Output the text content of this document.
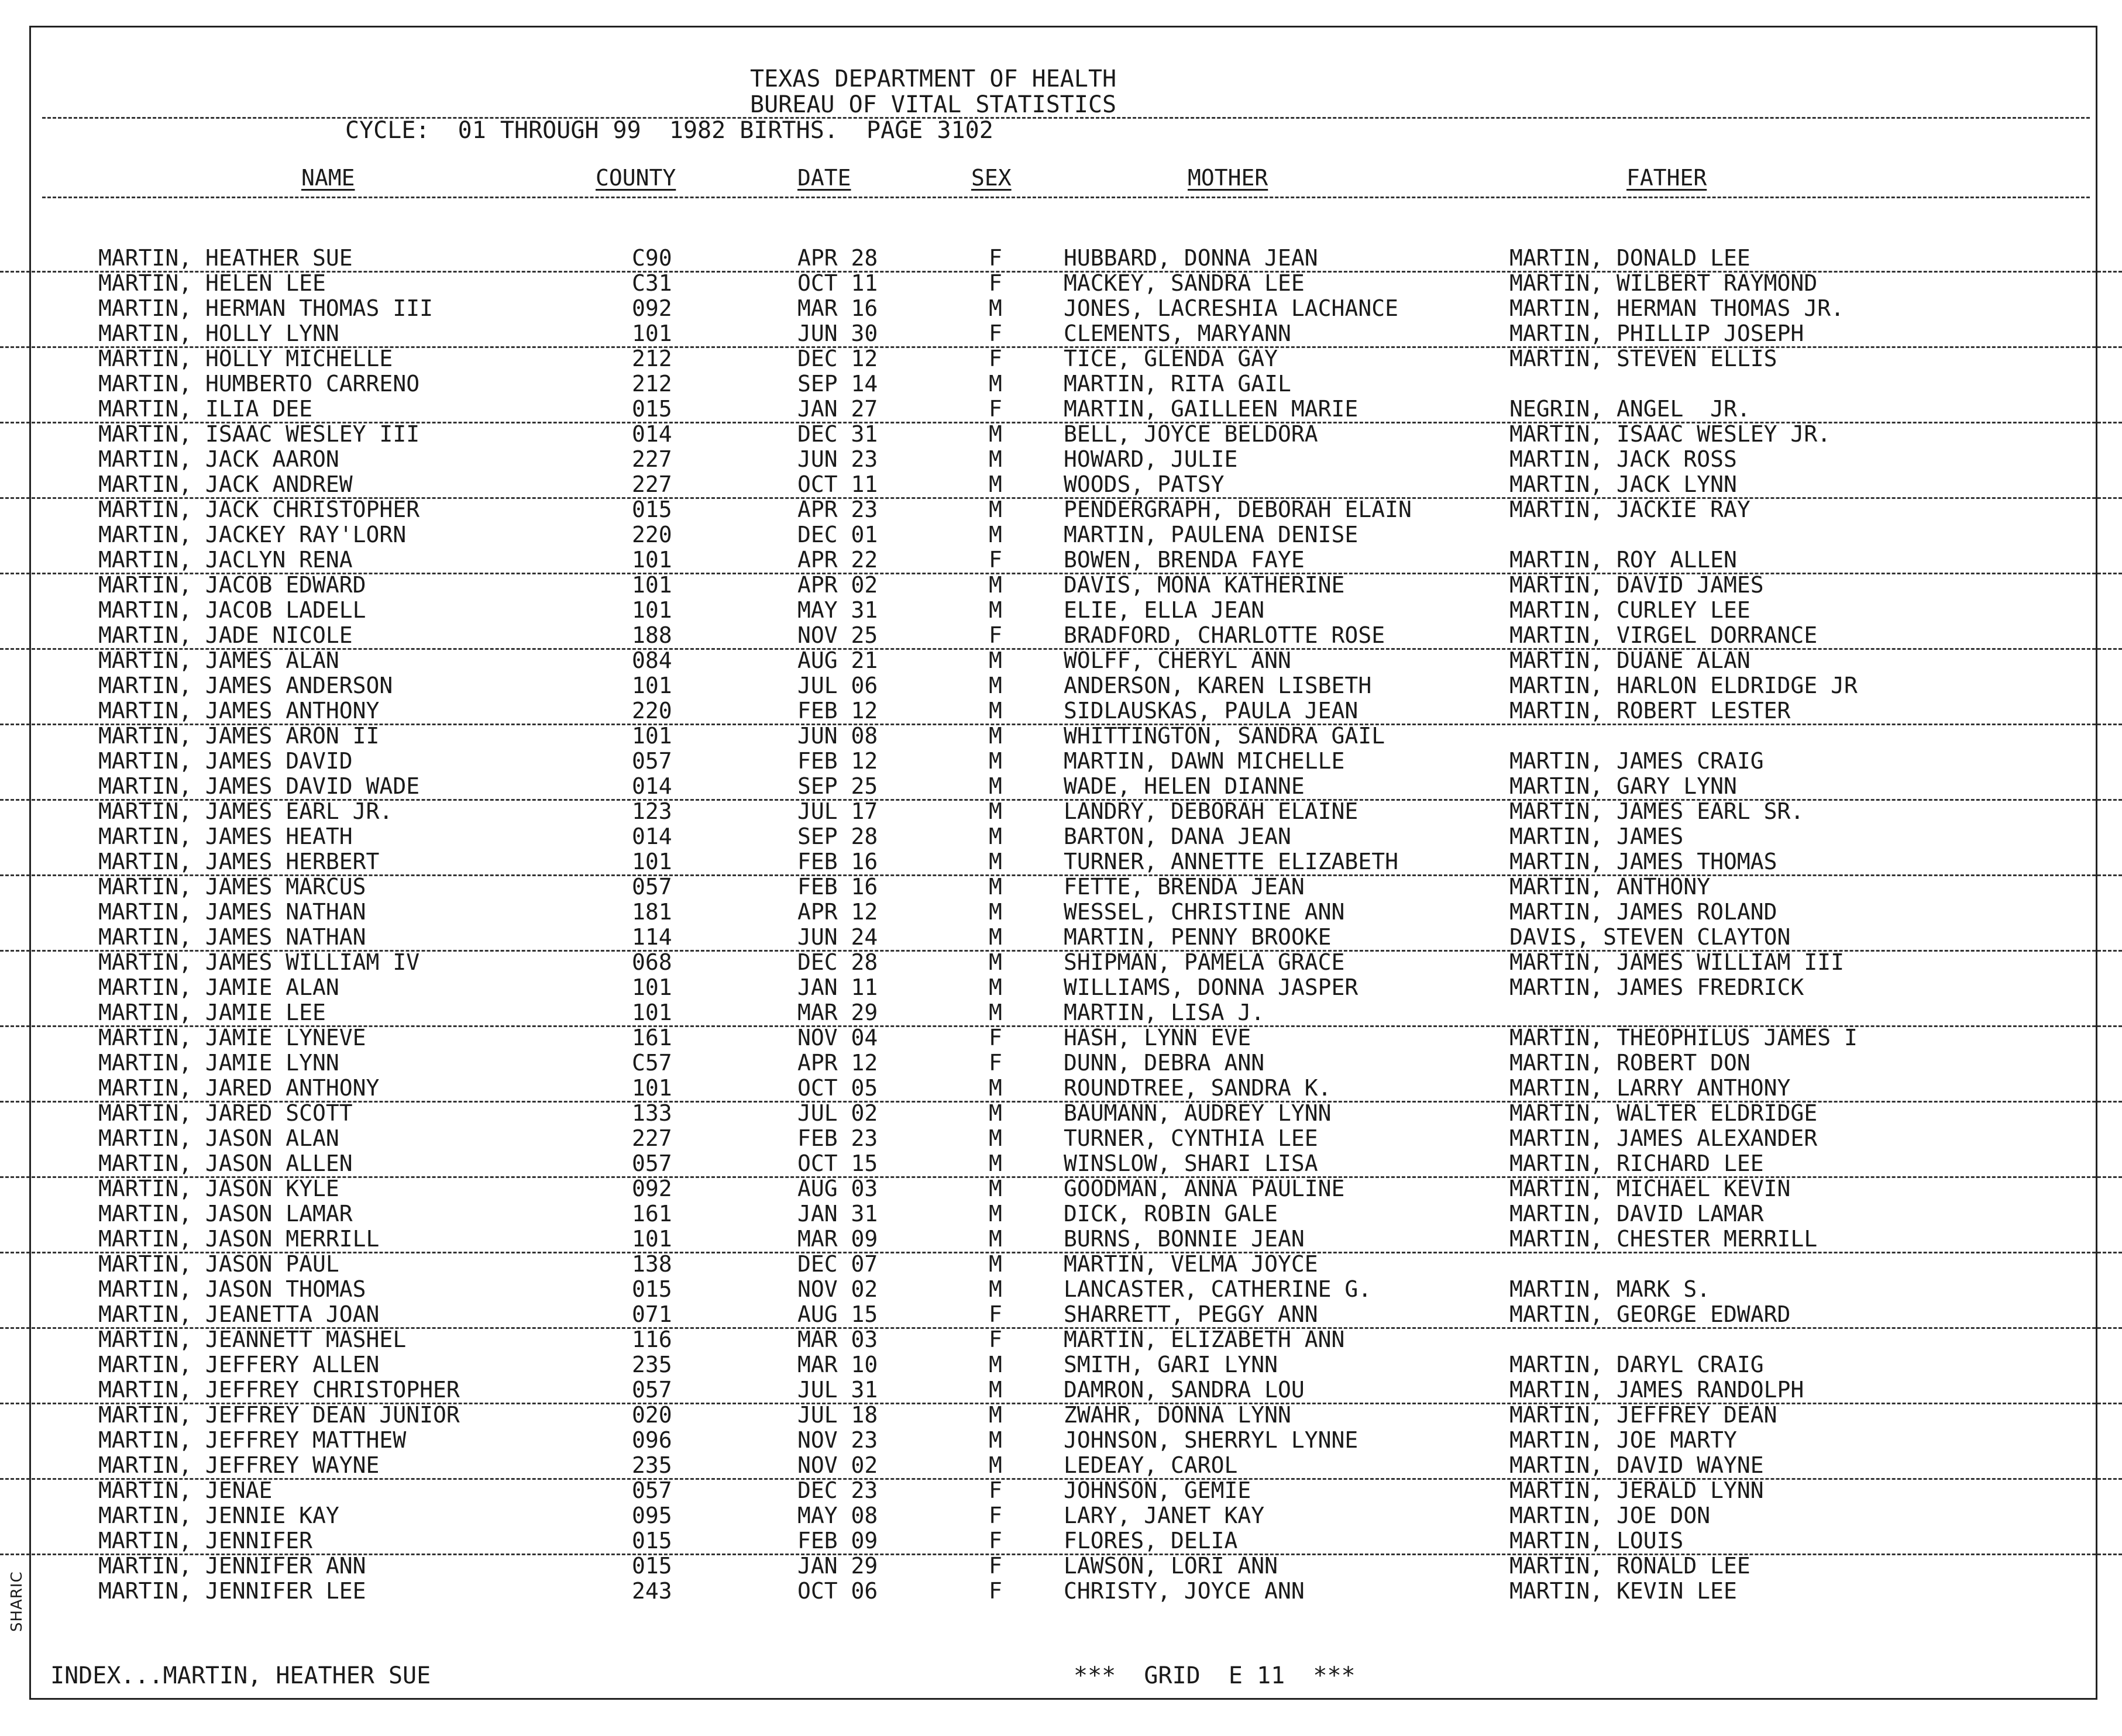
SHARIC
TEXAS DEPARTMENT OF HEALTH
BUREAU OF VITAL STATISTICS
CYCLE:  01 THROUGH 99  1982 BIRTHS.  PAGE 3102
NAME	COUNTY	DATE	SEX	MOTHER	FATHER
MARTIN, HEATHER SUE	C90	APR 28	F	HUBBARD, DONNA JEAN	MARTIN, DONALD LEE
MARTIN, HELEN LEE	C31	OCT 11	F	MACKEY, SANDRA LEE	MARTIN, WILBERT RAYMOND
MARTIN, HERMAN THOMAS III	092	MAR 16	M	JONES, LACRESHIA LACHANCE	MARTIN, HERMAN THOMAS JR.
MARTIN, HOLLY LYNN	101	JUN 30	F	CLEMENTS, MARYANN	MARTIN, PHILLIP JOSEPH
MARTIN, HOLLY MICHELLE	212	DEC 12	F	TICE, GLENDA GAY	MARTIN, STEVEN ELLIS
MARTIN, HUMBERTO CARRENO	212	SEP 14	M	MARTIN, RITA GAIL
MARTIN, ILIA DEE	015	JAN 27	F	MARTIN, GAILLEEN MARIE	NEGRIN, ANGEL  JR.
MARTIN, ISAAC WESLEY III	014	DEC 31	M	BELL, JOYCE BELDORA	MARTIN, ISAAC WESLEY JR.
MARTIN, JACK AARON	227	JUN 23	M	HOWARD, JULIE	MARTIN, JACK ROSS
MARTIN, JACK ANDREW	227	OCT 11	M	WOODS, PATSY	MARTIN, JACK LYNN
MARTIN, JACK CHRISTOPHER	015	APR 23	M	PENDERGRAPH, DEBORAH ELAIN	MARTIN, JACKIE RAY
MARTIN, JACKEY RAY'LORN	220	DEC 01	M	MARTIN, PAULENA DENISE
MARTIN, JACLYN RENA	101	APR 22	F	BOWEN, BRENDA FAYE	MARTIN, ROY ALLEN
MARTIN, JACOB EDWARD	101	APR 02	M	DAVIS, MONA KATHERINE	MARTIN, DAVID JAMES
MARTIN, JACOB LADELL	101	MAY 31	M	ELIE, ELLA JEAN	MARTIN, CURLEY LEE
MARTIN, JADE NICOLE	188	NOV 25	F	BRADFORD, CHARLOTTE ROSE	MARTIN, VIRGEL DORRANCE
MARTIN, JAMES ALAN	084	AUG 21	M	WOLFF, CHERYL ANN	MARTIN, DUANE ALAN
MARTIN, JAMES ANDERSON	101	JUL 06	M	ANDERSON, KAREN LISBETH	MARTIN, HARLON ELDRIDGE JR
MARTIN, JAMES ANTHONY	220	FEB 12	M	SIDLAUSKAS, PAULA JEAN	MARTIN, ROBERT LESTER
MARTIN, JAMES ARON II	101	JUN 08	M	WHITTINGTON, SANDRA GAIL
MARTIN, JAMES DAVID	057	FEB 12	M	MARTIN, DAWN MICHELLE	MARTIN, JAMES CRAIG
MARTIN, JAMES DAVID WADE	014	SEP 25	M	WADE, HELEN DIANNE	MARTIN, GARY LYNN
MARTIN, JAMES EARL JR.	123	JUL 17	M	LANDRY, DEBORAH ELAINE	MARTIN, JAMES EARL SR.
MARTIN, JAMES HEATH	014	SEP 28	M	BARTON, DANA JEAN	MARTIN, JAMES
MARTIN, JAMES HERBERT	101	FEB 16	M	TURNER, ANNETTE ELIZABETH	MARTIN, JAMES THOMAS
MARTIN, JAMES MARCUS	057	FEB 16	M	FETTE, BRENDA JEAN	MARTIN, ANTHONY
MARTIN, JAMES NATHAN	181	APR 12	M	WESSEL, CHRISTINE ANN	MARTIN, JAMES ROLAND
MARTIN, JAMES NATHAN	114	JUN 24	M	MARTIN, PENNY BROOKE	DAVIS, STEVEN CLAYTON
MARTIN, JAMES WILLIAM IV	068	DEC 28	M	SHIPMAN, PAMELA GRACE	MARTIN, JAMES WILLIAM III
MARTIN, JAMIE ALAN	101	JAN 11	M	WILLIAMS, DONNA JASPER	MARTIN, JAMES FREDRICK
MARTIN, JAMIE LEE	101	MAR 29	M	MARTIN, LISA J.
MARTIN, JAMIE LYNEVE	161	NOV 04	F	HASH, LYNN EVE	MARTIN, THEOPHILUS JAMES I
MARTIN, JAMIE LYNN	C57	APR 12	F	DUNN, DEBRA ANN	MARTIN, ROBERT DON
MARTIN, JARED ANTHONY	101	OCT 05	M	ROUNDTREE, SANDRA K.	MARTIN, LARRY ANTHONY
MARTIN, JARED SCOTT	133	JUL 02	M	BAUMANN, AUDREY LYNN	MARTIN, WALTER ELDRIDGE
MARTIN, JASON ALAN	227	FEB 23	M	TURNER, CYNTHIA LEE	MARTIN, JAMES ALEXANDER
MARTIN, JASON ALLEN	057	OCT 15	M	WINSLOW, SHARI LISA	MARTIN, RICHARD LEE
MARTIN, JASON KYLE	092	AUG 03	M	GOODMAN, ANNA PAULINE	MARTIN, MICHAEL KEVIN
MARTIN, JASON LAMAR	161	JAN 31	M	DICK, ROBIN GALE	MARTIN, DAVID LAMAR
MARTIN, JASON MERRILL	101	MAR 09	M	BURNS, BONNIE JEAN	MARTIN, CHESTER MERRILL
MARTIN, JASON PAUL	138	DEC 07	M	MARTIN, VELMA JOYCE
MARTIN, JASON THOMAS	015	NOV 02	M	LANCASTER, CATHERINE G.	MARTIN, MARK S.
MARTIN, JEANETTA JOAN	071	AUG 15	F	SHARRETT, PEGGY ANN	MARTIN, GEORGE EDWARD
MARTIN, JEANNETT MASHEL	116	MAR 03	F	MARTIN, ELIZABETH ANN
MARTIN, JEFFERY ALLEN	235	MAR 10	M	SMITH, GARI LYNN	MARTIN, DARYL CRAIG
MARTIN, JEFFREY CHRISTOPHER	057	JUL 31	M	DAMRON, SANDRA LOU	MARTIN, JAMES RANDOLPH
MARTIN, JEFFREY DEAN JUNIOR	020	JUL 18	M	ZWAHR, DONNA LYNN	MARTIN, JEFFREY DEAN
MARTIN, JEFFREY MATTHEW	096	NOV 23	M	JOHNSON, SHERRYL LYNNE	MARTIN, JOE MARTY
MARTIN, JEFFREY WAYNE	235	NOV 02	M	LEDEAY, CAROL	MARTIN, DAVID WAYNE
MARTIN, JENAE	057	DEC 23	F	JOHNSON, GEMIE	MARTIN, JERALD LYNN
MARTIN, JENNIE KAY	095	MAY 08	F	LARY, JANET KAY	MARTIN, JOE DON
MARTIN, JENNIFER	015	FEB 09	F	FLORES, DELIA	MARTIN, LOUIS
MARTIN, JENNIFER ANN	015	JAN 29	F	LAWSON, LORI ANN	MARTIN, RONALD LEE
MARTIN, JENNIFER LEE	243	OCT 06	F	CHRISTY, JOYCE ANN	MARTIN, KEVIN LEE
INDEX...MARTIN, HEATHER SUE	***  GRID  E 11  ***
